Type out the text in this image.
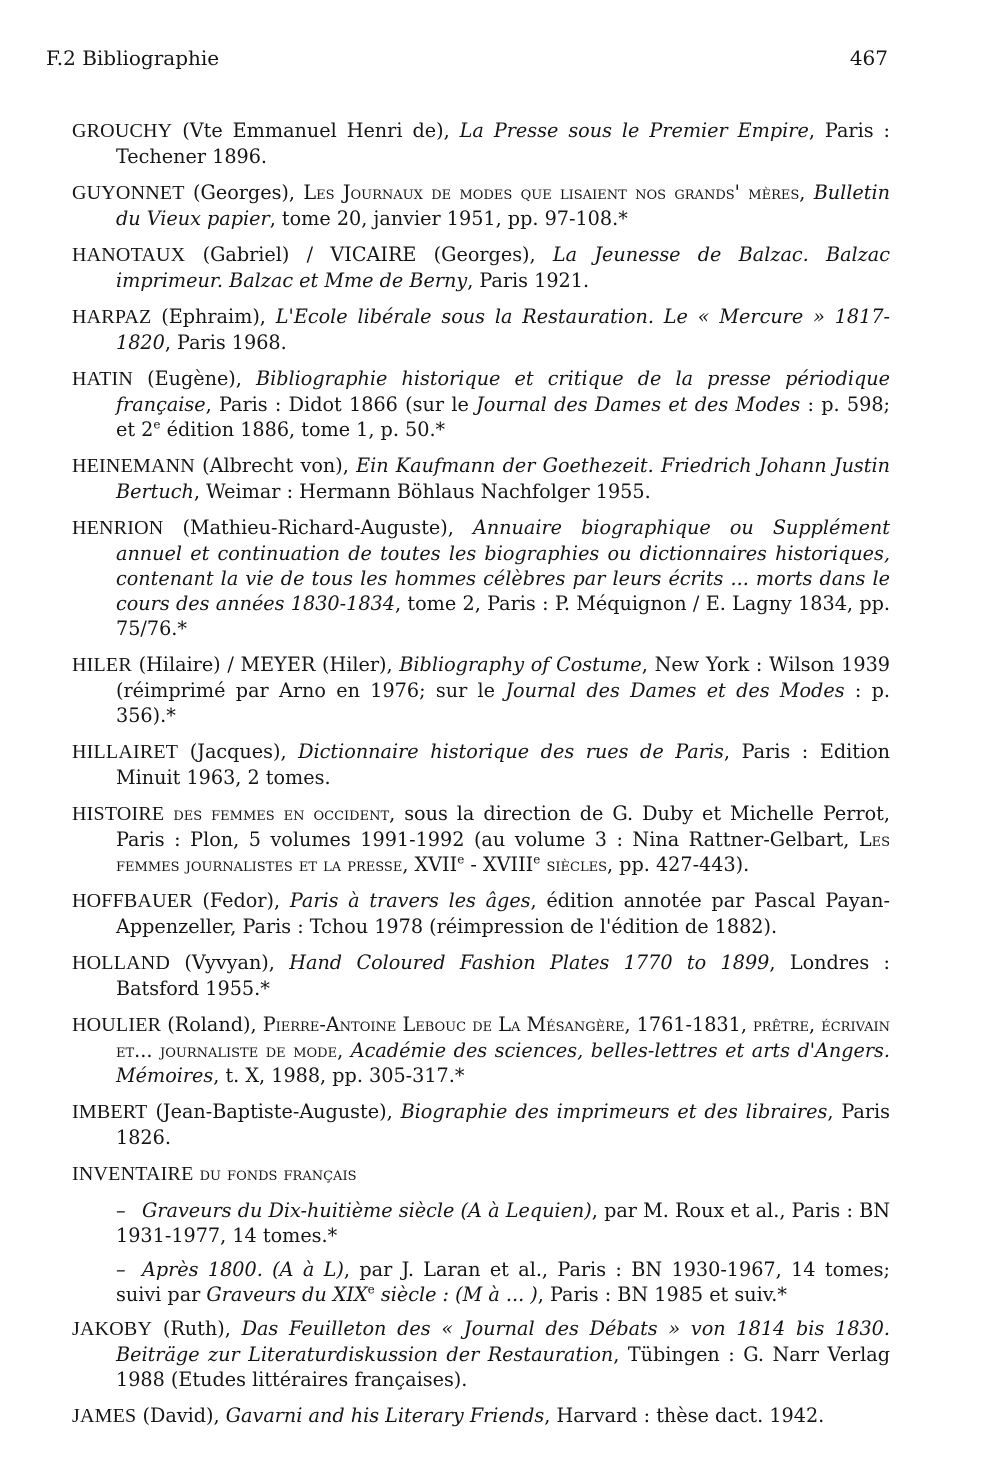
F.2 Bibliographie	467
GROUCHY (Vte Emmanuel Henri de), La Presse sous le Premier Empire, Paris : Techener 1896.
GUYONNET (Georges), Les Journaux de modes que lisaient nos grands' mères, Bulletin du Vieux papier, tome 20, janvier 1951, pp. 97-108.*
HANOTAUX (Gabriel) / VICAIRE (Georges), La Jeunesse de Balzac. Balzac imprimeur. Balzac et Mme de Berny, Paris 1921.
HARPAZ (Ephraim), L'Ecole libérale sous la Restauration. Le « Mercure » 1817-1820, Paris 1968.
HATIN (Eugène), Bibliographie historique et critique de la presse périodique française, Paris : Didot 1866 (sur le Journal des Dames et des Modes : p. 598; et 2e édition 1886, tome 1, p. 50.*
HEINEMANN (Albrecht von), Ein Kaufmann der Goethezeit. Friedrich Johann Justin Bertuch, Weimar : Hermann Böhlaus Nachfolger 1955.
HENRION (Mathieu-Richard-Auguste), Annuaire biographique ou Supplément annuel et continuation de toutes les biographies ou dictionnaires historiques, contenant la vie de tous les hommes célèbres par leurs écrits ... morts dans le cours des années 1830-1834, tome 2, Paris : P. Méquignon / E. Lagny 1834, pp. 75/76.*
HILER (Hilaire) / MEYER (Hiler), Bibliography of Costume, New York : Wilson 1939 (réimprimé par Arno en 1976; sur le Journal des Dames et des Modes : p. 356).*
HILLAIRET (Jacques), Dictionnaire historique des rues de Paris, Paris : Edition Minuit 1963, 2 tomes.
HISTOIRE des femmes en occident, sous la direction de G. Duby et Michelle Perrot, Paris : Plon, 5 volumes 1991-1992 (au volume 3 : Nina Rattner-Gelbart, Les femmes journalistes et la presse, XVIIe - XVIIIe siècles, pp. 427-443).
HOFFBAUER (Fedor), Paris à travers les âges, édition annotée par Pascal Payan-Appenzeller, Paris : Tchou 1978 (réimpression de l'édition de 1882).
HOLLAND (Vyvyan), Hand Coloured Fashion Plates 1770 to 1899, Londres : Batsford 1955.*
HOULIER (Roland), Pierre-Antoine Lebouc de La Mésangère, 1761-1831, prêtre, écrivain et... journaliste de mode, Académie des sciences, belles-lettres et arts d'Angers. Mémoires, t. X, 1988, pp. 305-317.*
IMBERT (Jean-Baptiste-Auguste), Biographie des imprimeurs et des libraires, Paris 1826.
INVENTAIRE du fonds français
– Graveurs du Dix-huitième siècle (A à Lequien), par M. Roux et al., Paris : BN 1931-1977, 14 tomes.*
– Après 1800. (A à L), par J. Laran et al., Paris : BN 1930-1967, 14 tomes; suivi par Graveurs du XIXe siècle : (M à ... ), Paris : BN 1985 et suiv.*
JAKOBY (Ruth), Das Feuilleton des « Journal des Débats » von 1814 bis 1830. Beiträge zur Literaturdiskussion der Restauration, Tübingen : G. Narr Verlag 1988 (Etudes littéraires françaises).
JAMES (David), Gavarni and his Literary Friends, Harvard : thèse dact. 1942.
